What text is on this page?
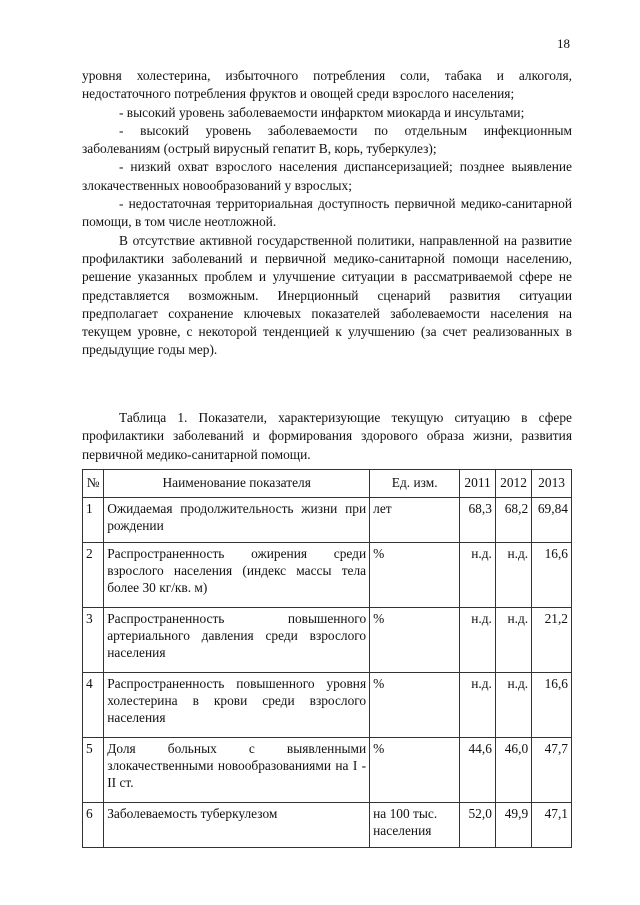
18

уровня холестерина, избыточного потребления соли, табака и алкоголя, недостаточного потребления фруктов и овощей среди взрослого населения;

- высокий уровень заболеваемости инфарктом миокарда и инсультами;

- высокий уровень заболеваемости по отдельным инфекционным заболеваниям (острый вирусный гепатит В, корь, туберкулез);

- низкий охват взрослого населения диспансеризацией; позднее выявление злокачественных новообразований у взрослых;

- недостаточная территориальная доступность первичной медико-санитарной помощи, в том числе неотложной.

В отсутствие активной государственной политики, направленной на развитие профилактики заболеваний и первичной медико-санитарной помощи населению, решение указанных проблем и улучшение ситуации в рассматриваемой сфере не представляется возможным. Инерционный сценарий развития ситуации предполагает сохранение ключевых показателей заболеваемости населения на текущем уровне, с некоторой тенденцией к улучшению (за счет реализованных в предыдущие годы мер).

Таблица 1. Показатели, характеризующие текущую ситуацию в сфере профилактики заболеваний и формирования здорового образа жизни, развития первичной медико-санитарной помощи.
№	Наименование показателя	Ед. изм.	2011	2012	2013
1	Ожидаемая продолжительность жизни при рождении	лет	68,3	68,2	69,84
2	Распространенность ожирения среди взрослого населения (индекс массы тела более 30 кг/кв. м)	%	н.д.	н.д.	16,6
3	Распространенность повышенного артериального давления среди взрослого населения	%	н.д.	н.д.	21,2
4	Распространенность повышенного уровня холестерина в крови среди взрослого населения	%	н.д.	н.д.	16,6
5	Доля больных с выявленными злокачественными новообразованиями на I - II ст.	%	44,6	46,0	47,7
6	Заболеваемость туберкулезом	на 100 тыс. населения	52,0	49,9	47,1
